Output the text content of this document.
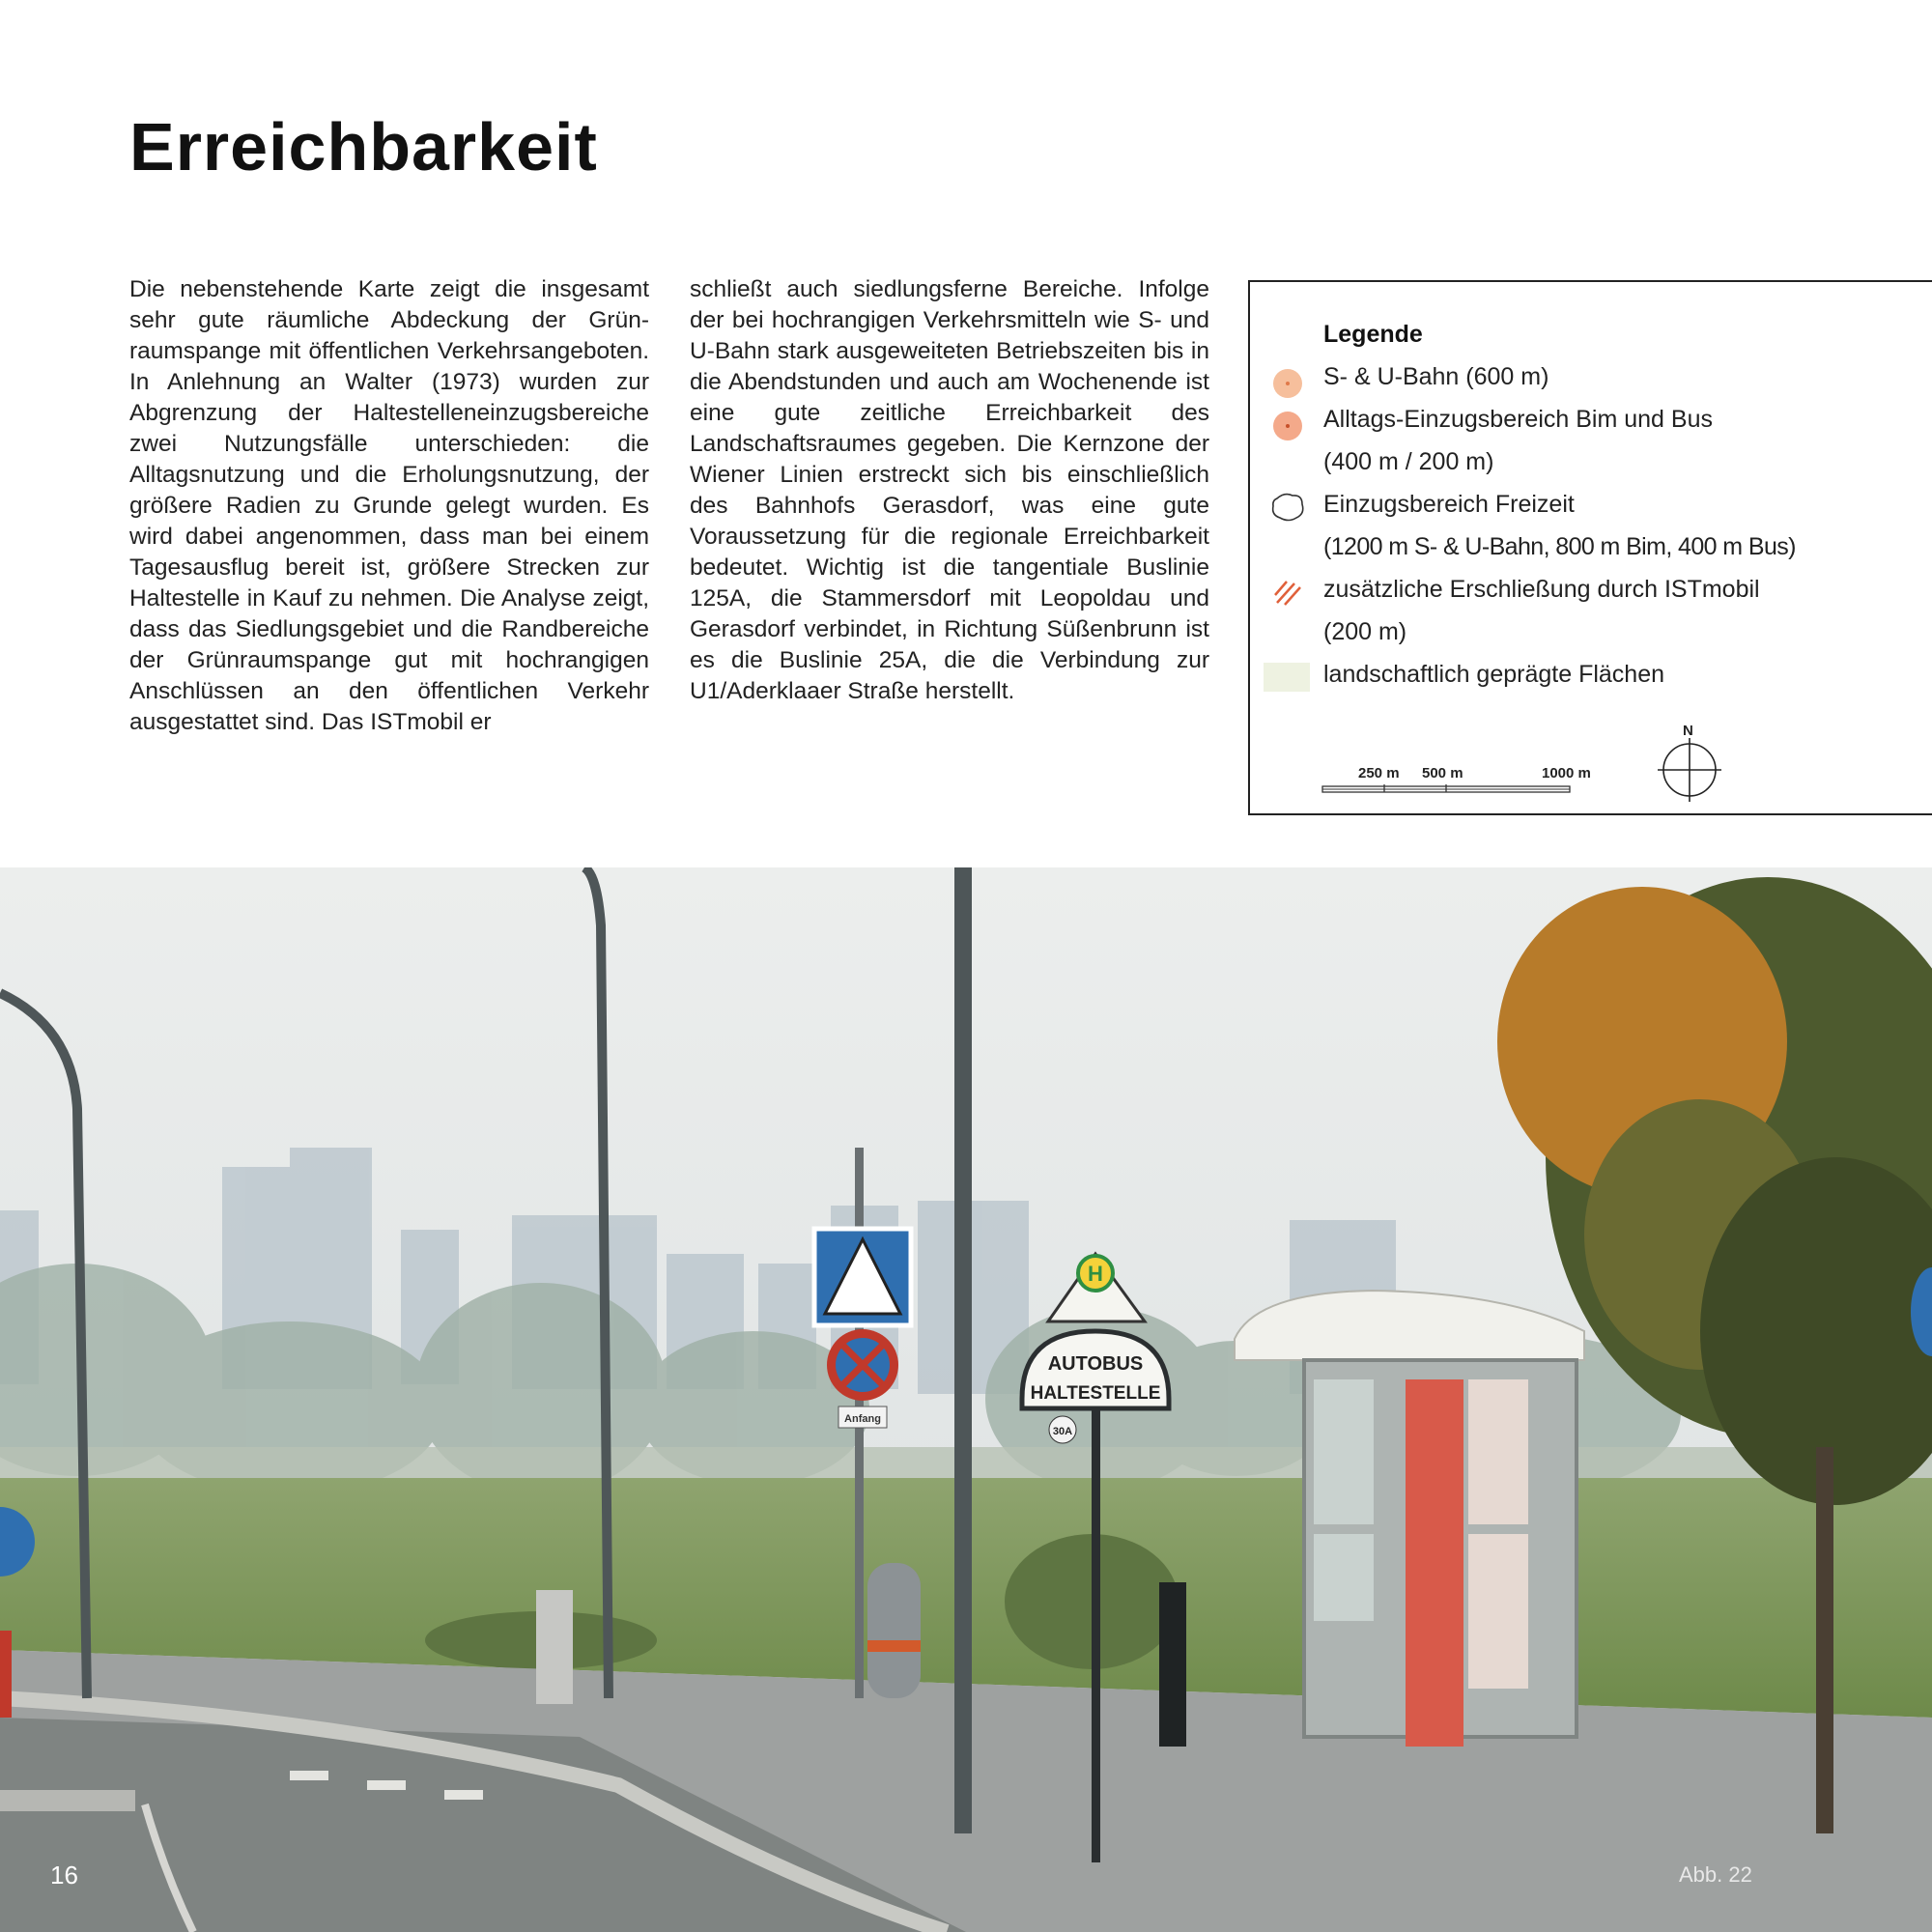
Erreichbarkeit

Die nebenstehende Karte zeigt die insgesamt sehr gute räumliche Abdeckung der Grünraumspange mit öffentlichen Verkehrsangeboten. In Anlehnung an Walter (1973) wurden zur Abgrenzung der Haltestelleneinzugsbereiche zwei Nutzungsfälle unterschieden: die Alltagsnutzung und die Erholungsnutzung, der größere Radien zu Grunde gelegt wurden. Es wird dabei angenommen, dass man bei einem Tagesausflug bereit ist, größere Strecken zur Haltestelle in Kauf zu nehmen. Die Analyse zeigt, dass das Siedlungsgebiet und die Randbereiche der Grünraumspange gut mit hochrangigen Anschlüssen an den öffentlichen Verkehr ausgestattet sind. Das ISTmobil er

schließt auch siedlungsferne Bereiche. Infolge der bei hochrangigen Verkehrsmitteln wie S- und U-Bahn stark ausgeweiteten Betriebszeiten bis in die Abendstunden und auch am Wochenende ist eine gute zeitliche Erreichbarkeit des Landschaftsraumes gegeben. Die Kernzone der Wiener Linien erstreckt sich bis einschließlich des Bahnhofs Gerasdorf, was eine gute Voraussetzung für die regionale Erreichbarkeit bedeutet. Wichtig ist die tangentiale Buslinie 125A, die Stammersdorf mit Leopoldau und Gerasdorf verbindet, in Richtung Süßenbrunn ist es die Buslinie 25A, die die Verbindung zur U1/Aderklaaer Straße herstellt.

Legende
S- & U-Bahn (600 m)
Alltags-Einzugsbereich Bim und Bus
(400 m / 200 m)
Einzugsbereich Freizeit
(1200 m S- & U-Bahn, 800 m Bim, 400 m Bus)
zusätzliche Erschließung durch ISTmobil
(200 m)
landschaftlich geprägte Flächen
250 m 500 m	1000 m
N
Anfang
H
AUTOBUS
HALTESTELLE
30A
16	Abb. 22
